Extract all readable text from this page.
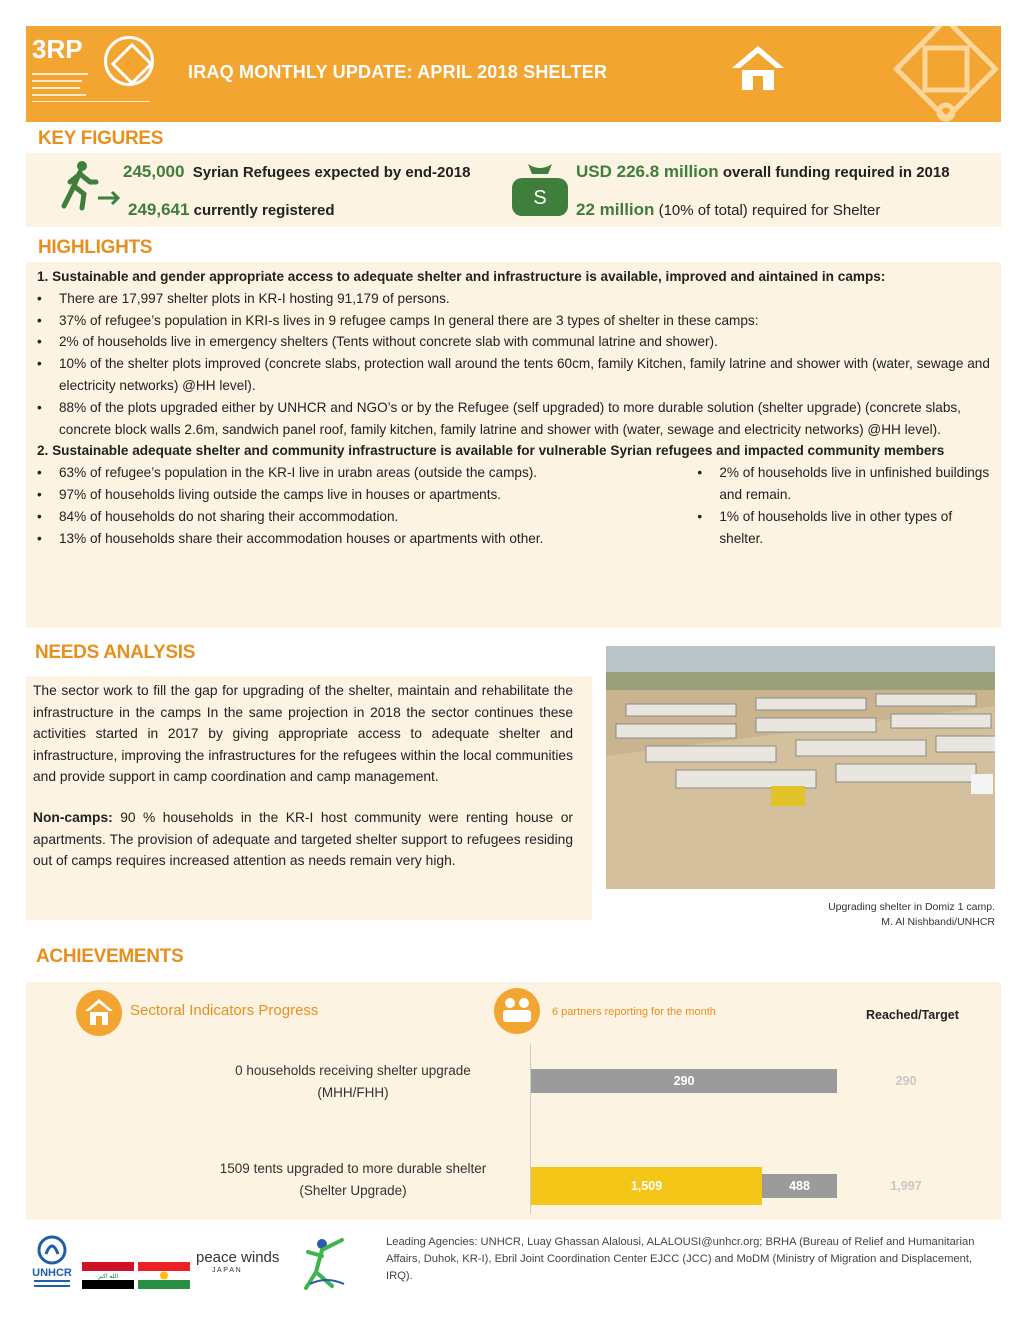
3RP
IRAQ MONTHLY UPDATE: APRIL 2018 SHELTER
KEY FIGURES
245,000 Syrian Refugees expected by end-2018
249,641 currently registered
S
USD 226.8 million overall funding required in 2018
22 million (10% of total) required for Shelter
HIGHLIGHTS

1. Sustainable and gender appropriate access to adequate shelter and infrastructure is available, improved and aintained in camps:

• There are 17,997 shelter plots in KR-I hosting 91,179 of persons.
• 37% of refugee’s population in KRI-s lives in 9 refugee camps In general there are 3 types of shelter in these camps:
• 2% of households live in emergency shelters (Tents without concrete slab with communal latrine and shower).
• 10% of the shelter plots improved (concrete slabs, protection wall around the tents 60cm, family Kitchen, family latrine and shower with (water, sewage and electricity networks) @HH level).
• 88% of the plots upgraded either by UNHCR and NGO’s or by the Refugee (self upgraded) to more durable solution (shelter upgrade) (concrete slabs, concrete block walls 2.6m, sandwich panel roof, family kitchen, family latrine and shower with (water, sewage and electricity networks) @HH level).

2. Sustainable adequate shelter and community infrastructure is available for vulnerable Syrian refugees and impacted community members

• 63% of refugee’s population in the KR-I live in urabn areas (outside the camps).
• 97% of households living outside the camps live in houses or apartments.
• 84% of households do not sharing their accommodation.
• 13% of households share their accommodation houses or apartments with other.
• 2% of households live in unfinished buildings and remain.
• 1% of households live in other types of shelter.
NEEDS ANALYSIS

The sector work to fill the gap for upgrading of the shelter, maintain and rehabilitate the infrastructure in the camps In the same projection in 2018 the sector continues these activities started in 2017 by giving appropriate access to adequate shelter and infrastructure, improving the infrastructures for the refugees within the local communities and provide support in camp coordination and camp management.

Non-camps: 90 % households in the KR-I host community were renting house or apartments. The provision of adequate and targeted shelter support to refugees residing out of camps requires increased attention as needs remain very high.

Upgrading shelter in Domiz 1 camp.
M. Al Nishbandi/UNHCR
ACHIEVEMENTS
Sectoral Indicators Progress	6 partners reporting for the month	Reached/Target
0 households receiving shelter upgrade
(MHH/FHH)
1509 tents upgraded to more durable shelter
(Shelter Upgrade)
290	290
1,509	488	1,997
UNHCR	الله اكبر
peace winds
J A P A N
Leading Agencies: UNHCR, Luay Ghassan Alalousi, ALALOUSI@unhcr.org; BRHA (Bureau of Relief and Humanitarian Affairs, Duhok, KR-I), Ebril Joint Coordination Center EJCC (JCC) and MoDM (Ministry of Migration and Displacement, IRQ).
